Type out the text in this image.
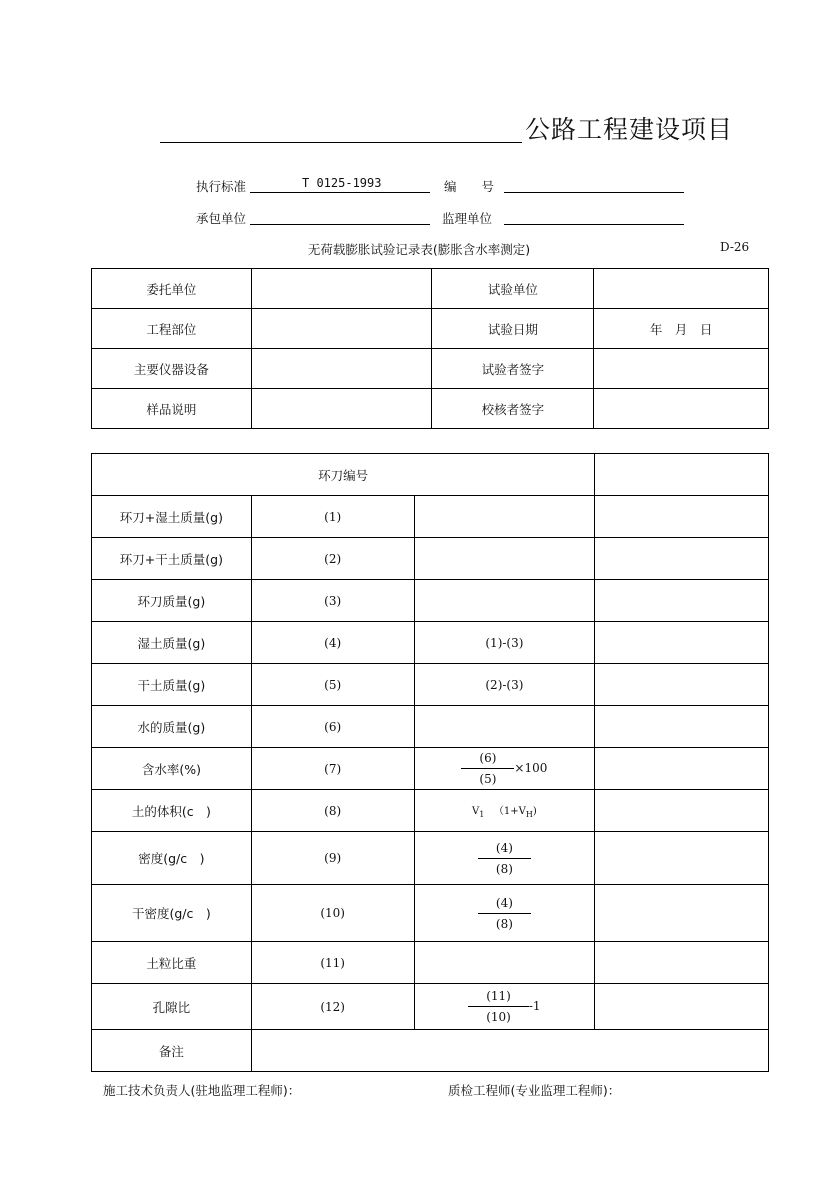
公路工程建设项目
执行标准	T 0125-1993	编　　号
承包单位	监理单位
无荷载膨胀试验记录表(膨胀含水率测定)	D-26
委托单位		试验单位	
工程部位		试验日期	年　月　日
主要仪器设备		试验者签字	
样品说明		校核者签字	
环刀编号			
环刀+湿土质量(g)	(1)		
环刀+干土质量(g)	(2)		
环刀质量(g)	(3)		
湿土质量(g)	(4)	(1)-(3)	
干土质量(g)	(5)	(2)-(3)	
水的质量(g)	(6)		
含水率(%)	(7)	$\frac{(6)}{(5)} \times 100$	
土的体积(c　)	(8)	$V_1$ $(1+V_H)$	
密度(g/c　)	(9)	$\frac{(4)}{(8)}$

干密度(g/c　)	(10)	$\frac{(4)}{(8)}$

土粒比重	(11)		
孔隙比	(12)	$\frac{(11)}{(10)} -1$	
备注			
施工技术负责人(驻地监理工程师)：	质检工程师(专业监理工程师)：
